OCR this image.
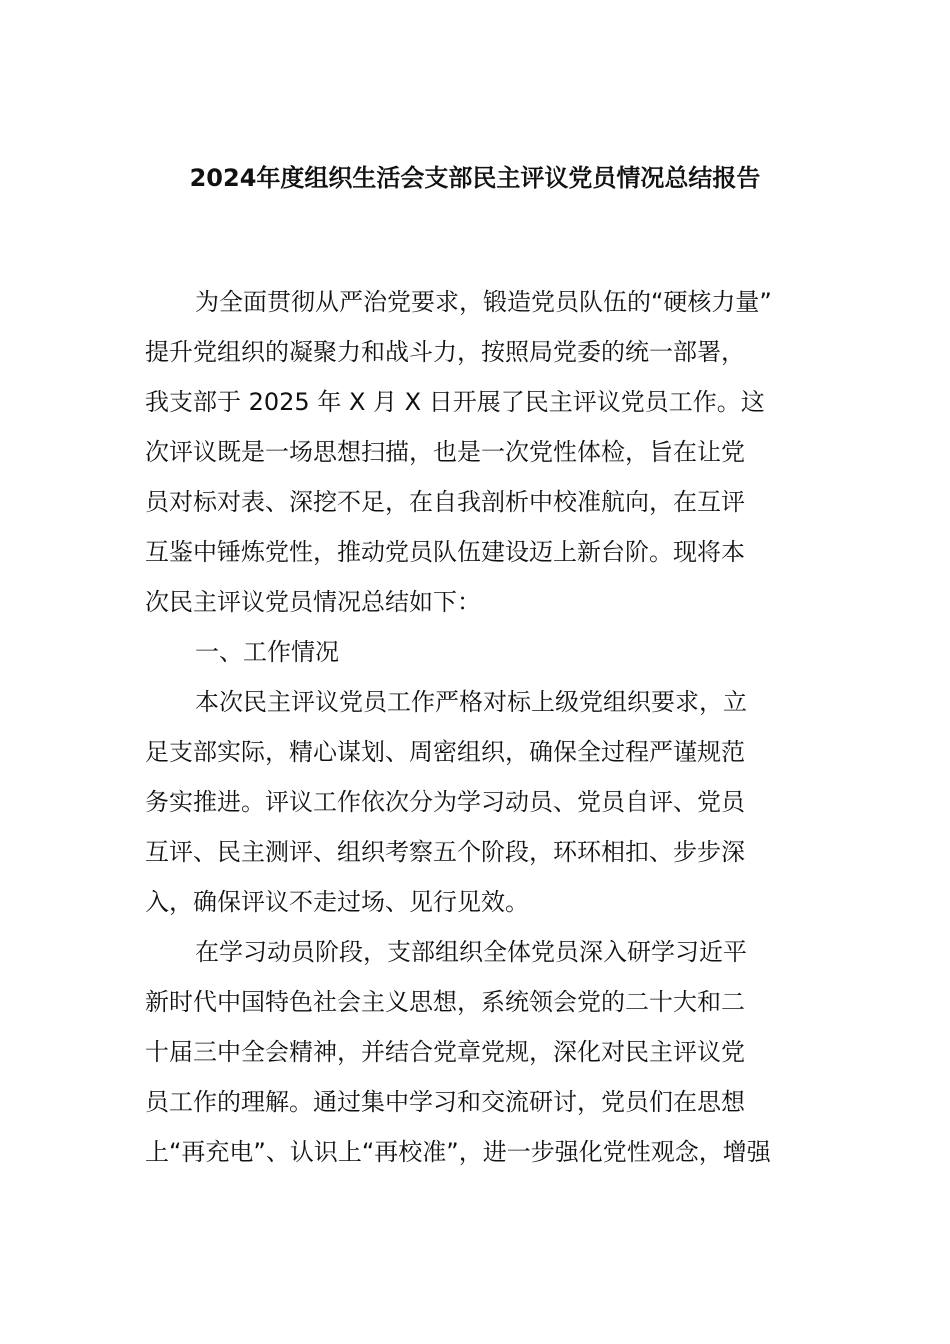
2024年度组织生活会支部民主评议党员情况总结报告
为全面贯彻从严治党要求，锻造党员队伍的“硬核力量”
提升党组织的凝聚力和战斗力，按照局党委的统一部署，
我支部于 2025 年 X 月 X 日开展了民主评议党员工作。这
次评议既是一场思想扫描，也是一次党性体检，旨在让党
员对标对表、深挖不足，在自我剖析中校准航向，在互评
互鉴中锤炼党性，推动党员队伍建设迈上新台阶。现将本
次民主评议党员情况总结如下：
一、工作情况
本次民主评议党员工作严格对标上级党组织要求，立
足支部实际，精心谋划、周密组织，确保全过程严谨规范
务实推进。评议工作依次分为学习动员、党员自评、党员
互评、民主测评、组织考察五个阶段，环环相扣、步步深
入，确保评议不走过场、见行见效。
在学习动员阶段，支部组织全体党员深入研学习近平
新时代中国特色社会主义思想，系统领会党的二十大和二
十届三中全会精神，并结合党章党规，深化对民主评议党
员工作的理解。通过集中学习和交流研讨，党员们在思想
上“再充电”、认识上“再校准”，进一步强化党性观念，增强
